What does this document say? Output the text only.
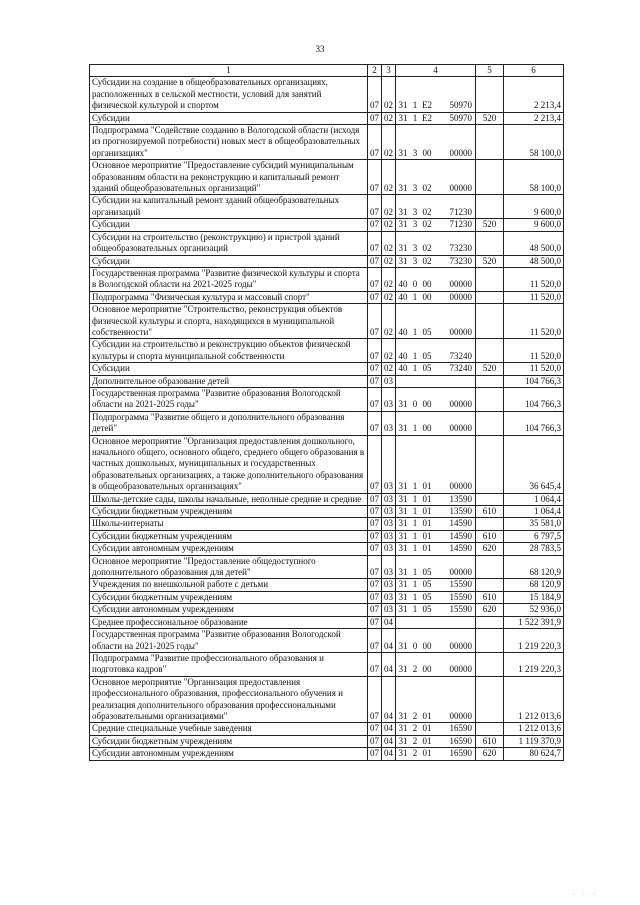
33
1	2	3	4	5	6
Субсидии на создание в общеобразовательных организациях, расположенных в сельской местности, условий для занятий физической культурой и спортом	07	02	31 1 E2 50970		2 213,4
Субсидии	07	02	31 1 E2 50970	520	2 213,4
Подпрограмма "Содействие созданию в Вологодской области (исходя из прогнозируемой потребности) новых мест в общеобразовательных организациях"	07	02	31 3 00 00000		58 100,0
Основное мероприятие "Предоставление субсидий муниципальным образованиям области на реконструкцию и капитальный ремонт зданий общеобразовательных организаций"	07	02	31 3 02 00000		58 100,0
Субсидии на капитальный ремонт зданий общеобразовательных организаций	07	02	31 3 02 71230		9 600,0
Субсидии	07	02	31 3 02 71230	520	9 600,0
Субсидии на строительство (реконструкцию) и пристрой зданий общеобразовательных организаций	07	02	31 3 02 73230		48 500,0
Субсидии	07	02	31 3 02 73230	520	48 500,0
Государственная программа "Развитие физической культуры и спорта в Вологодской области на 2021-2025 годы"	07	02	40 0 00 00000		11 520,0
Подпрограмма "Физическая культура и массовый спорт"	07	02	40 1 00 00000		11 520,0
Основное мероприятие "Строительство, реконструкция объектов физической культуры и спорта, находящихся в муниципальной собственности"	07	02	40 1 05 00000		11 520,0
Субсидии на строительство и реконструкцию объектов физической культуры и спорта муниципальной собственности	07	02	40 1 05 73240		11 520,0
Субсидии	07	02	40 1 05 73240	520	11 520,0
Дополнительное образование детей	07	03			104 766,3
Государственная программа "Развитие образования Вологодской области на 2021-2025 годы"	07	03	31 0 00 00000		104 766,3
Подпрограмма "Развитие общего и дополнительного образования детей"	07	03	31 1 00 00000		104 766,3
Основное мероприятие "Организация предоставления дошкольного, начального общего, основного общего, среднего общего образования в частных дошкольных, муниципальных и государственных образовательных организациях, а также дополнительного образования в общеобразовательных организациях"	07	03	31 1 01 00000		36 645,4
Школы-детские сады, школы начальные, неполные средние и средние	07	03	31 1 01 13590		1 064,4
Субсидии бюджетным учреждениям	07	03	31 1 01 13590	610	1 064,4
Школы-интернаты	07	03	31 1 01 14590		35 581,0
Субсидии бюджетным учреждениям	07	03	31 1 01 14590	610	6 797,5
Субсидии автономным учреждениям	07	03	31 1 01 14590	620	28 783,5
Основное мероприятие "Предоставление общедоступного дополнительного образования для детей"	07	03	31 1 05 00000		68 120,9
Учреждения по внешкольной работе с детьми	07	03	31 1 05 15590		68 120,9
Субсидии бюджетным учреждениям	07	03	31 1 05 15590	610	15 184,9
Субсидии автономным учреждениям	07	03	31 1 05 15590	620	52 936,0
Среднее профессиональное образование	07	04			1 522 391,9
Государственная программа "Развитие образования Вологодской области на 2021-2025 годы"	07	04	31 0 00 00000		1 219 220,3
Подпрограмма "Развитие профессионального образования и подготовка кадров"	07	04	31 2 00 00000		1 219 220,3
Основное мероприятие "Организация предоставления профессионального образования, профессионального обучения и реализация дополнительного образования профессиональными образовательными организациями"	07	04	31 2 01 00000		1 212 013,6
Средние специальные учебные заведения	07	04	31 2 01 16590		1 212 013,6
Субсидии бюджетным учреждениям	07	04	31 2 01 16590	610	1 119 370,9
Субсидии автономным учреждениям	07	04	31 2 01 16590	620	80 624,7
· · ·
